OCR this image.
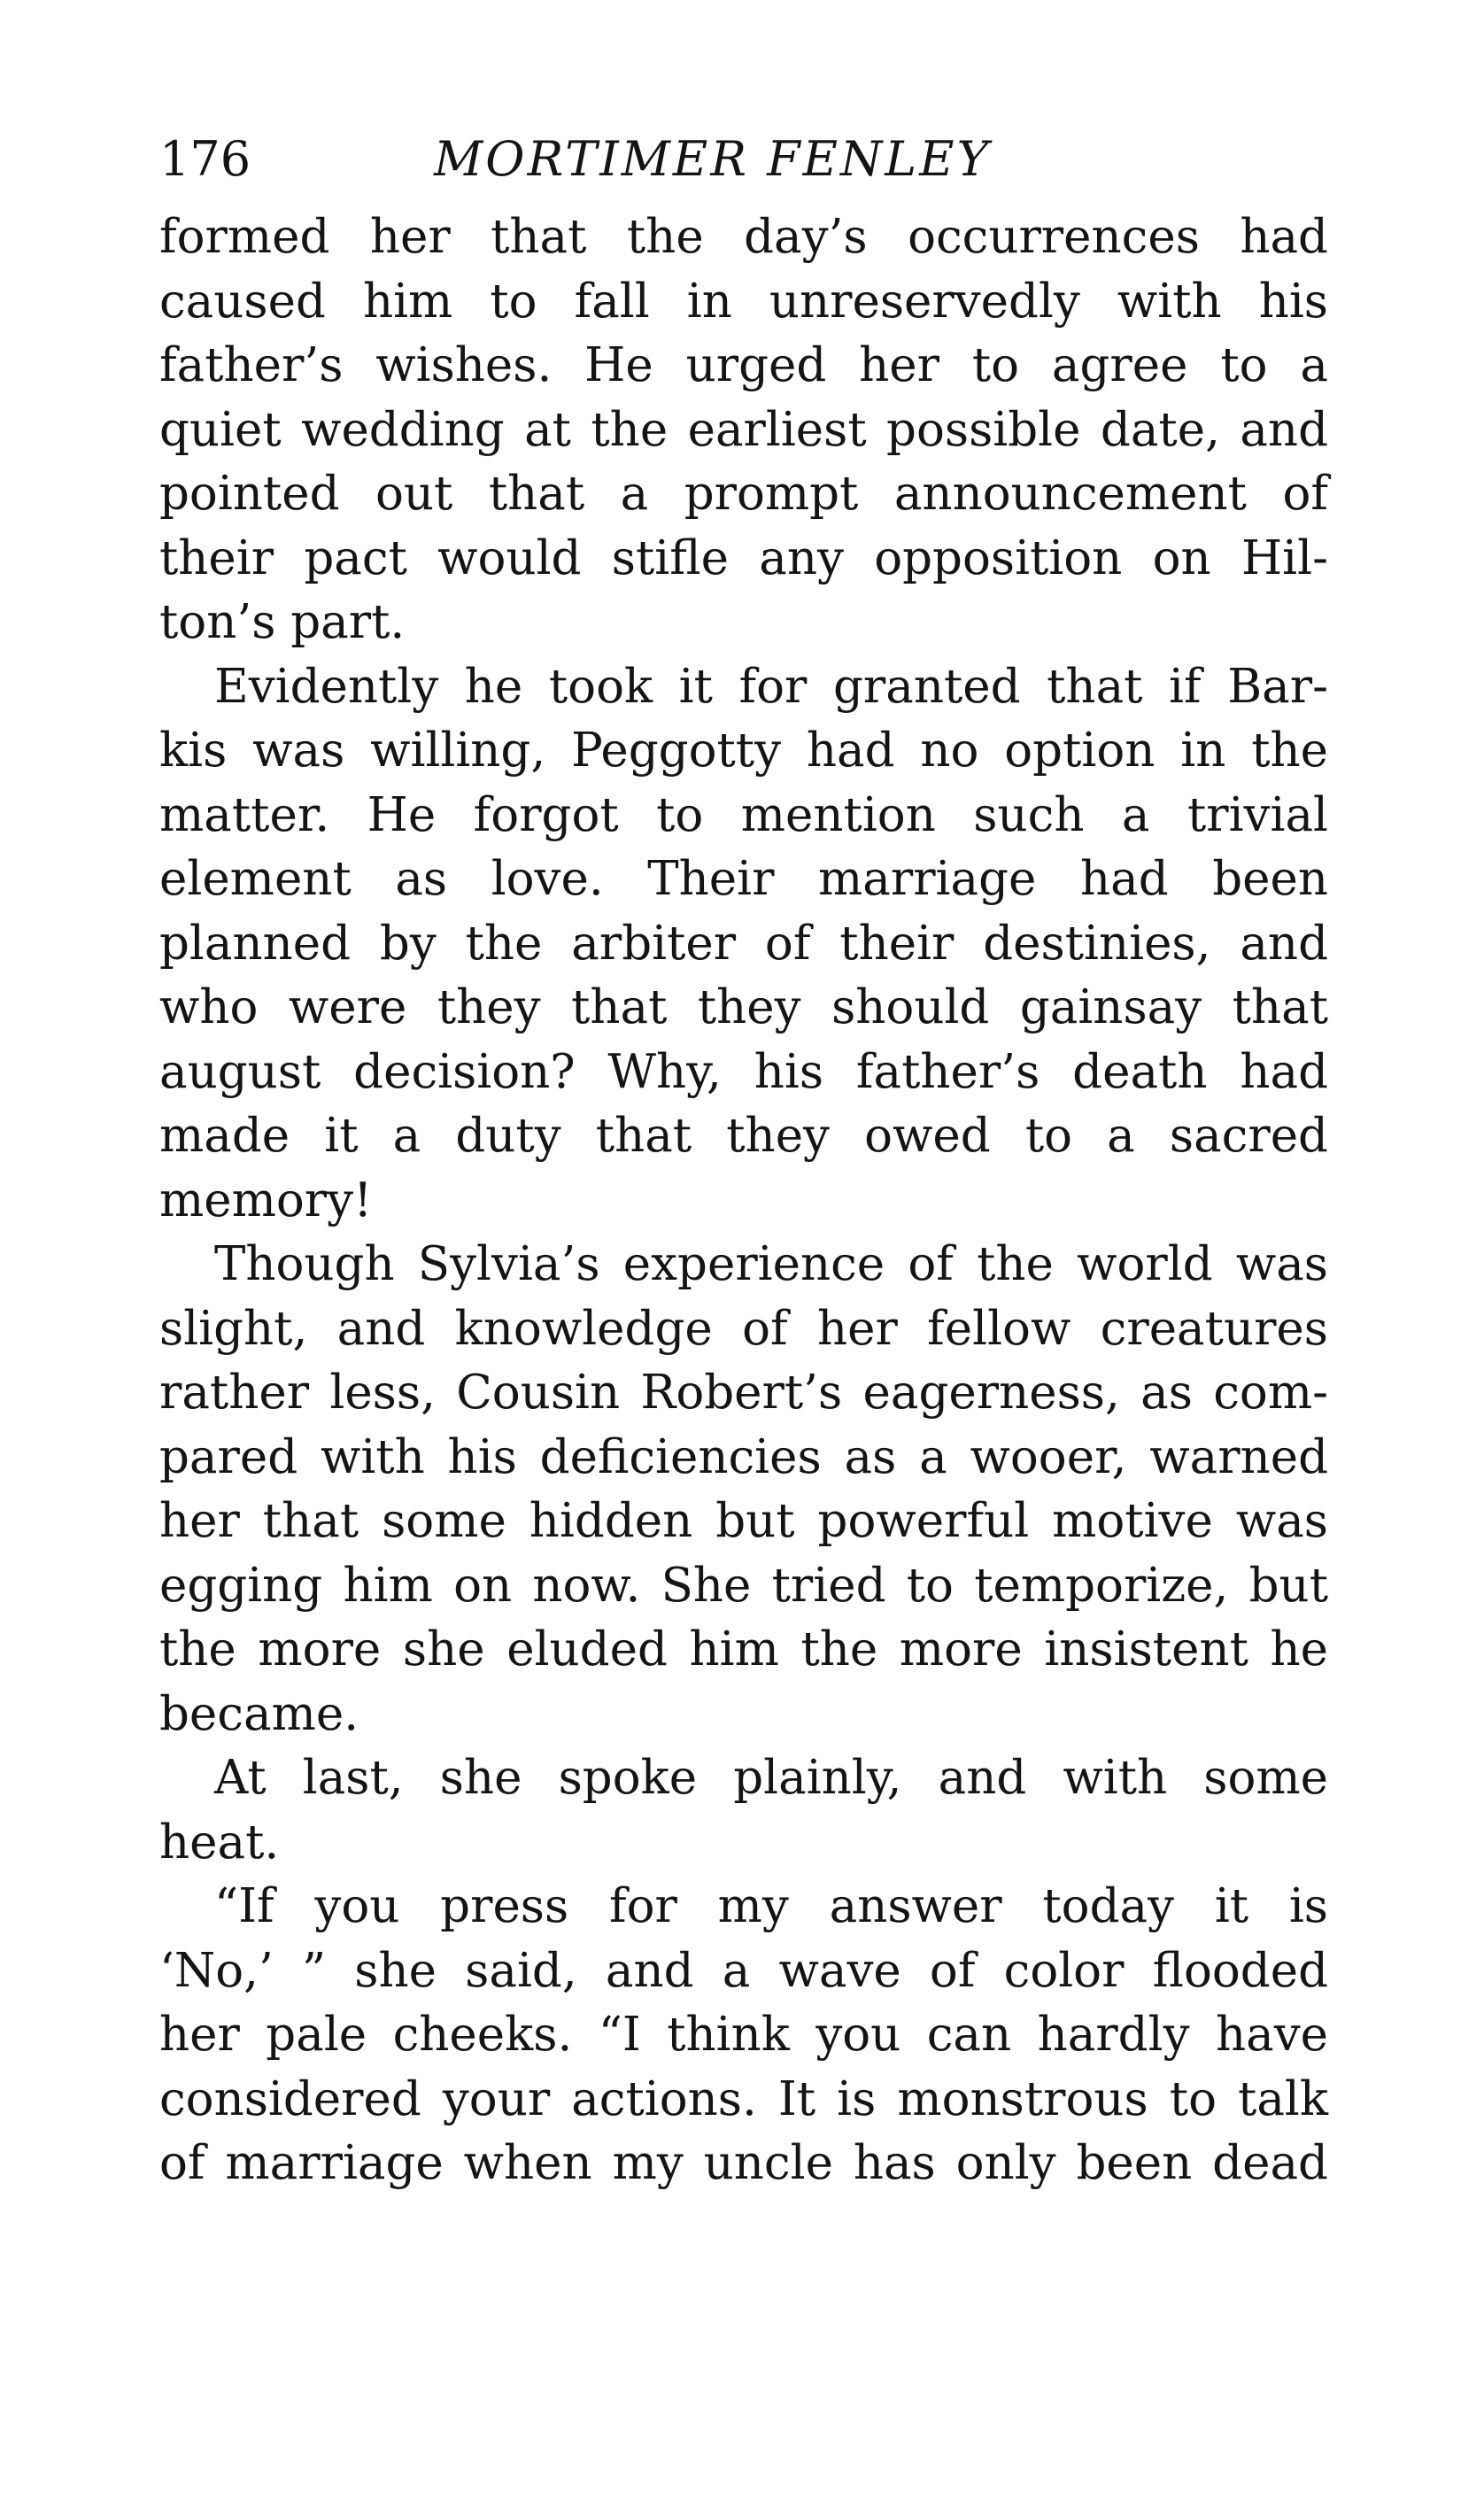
176	MORTIMER FENLEY
formed her that the day’s occurrences had
caused him to fall in unreservedly with his
father’s wishes. He urged her to agree to a
quiet wedding at the earliest possible date, and
pointed out that a prompt announcement of
their pact would stifle any opposition on Hil-
ton’s part.
Evidently he took it for granted that if Bar-
kis was willing, Peggotty had no option in the
matter. He forgot to mention such a trivial
element as love. Their marriage had been
planned by the arbiter of their destinies, and
who were they that they should gainsay that
august decision? Why, his father’s death had
made it a duty that they owed to a sacred
memory!
Though Sylvia’s experience of the world was
slight, and knowledge of her fellow creatures
rather less, Cousin Robert’s eagerness, as com-
pared with his deficiencies as a wooer, warned
her that some hidden but powerful motive was
egging him on now. She tried to temporize, but
the more she eluded him the more insistent he
became.
At last, she spoke plainly, and with some
heat.
“If you press for my answer today it is
‘No,’ ” she said, and a wave of color flooded
her pale cheeks. “I think you can hardly have
considered your actions. It is monstrous to talk
of marriage when my uncle has only been dead
